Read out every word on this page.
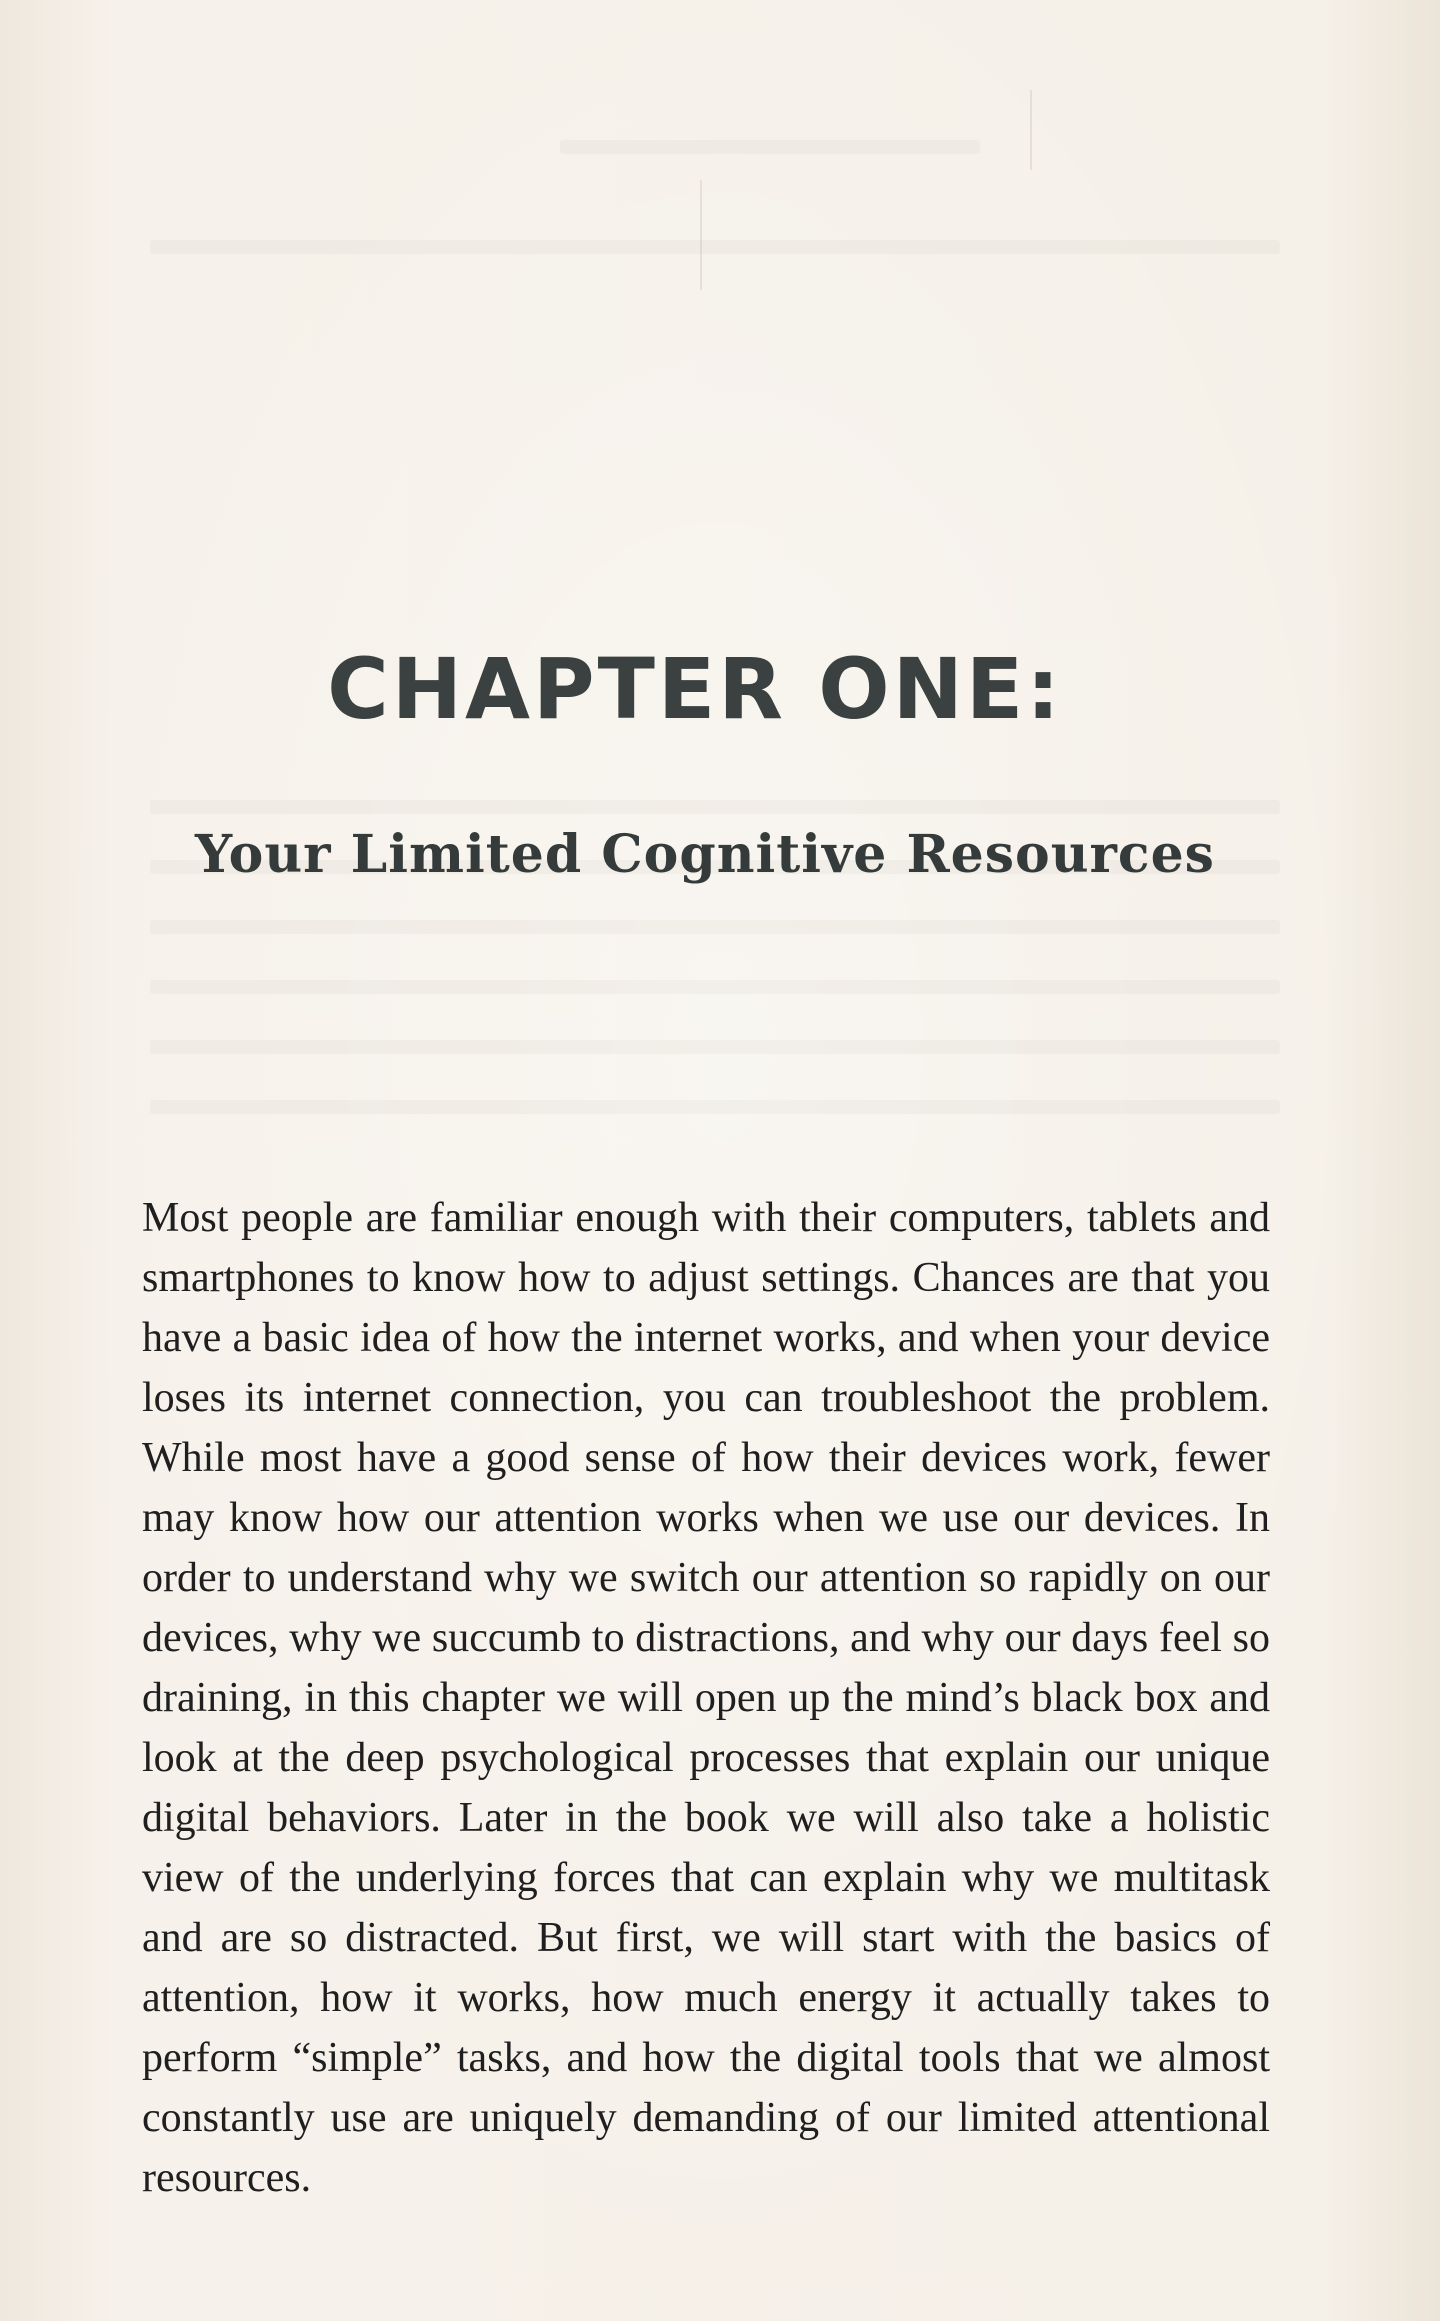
CHAPTER ONE:
Your Limited Cognitive Resources

Most people are familiar enough with their computers, tablets and smartphones to know how to adjust settings. Chances are that you have a basic idea of how the internet works, and when your device loses its internet connection, you can troubleshoot the problem. While most have a good sense of how their devices work, fewer may know how our attention works when we use our devices. In order to understand why we switch our attention so rapidly on our devices, why we succumb to distractions, and why our days feel so draining, in this chapter we will open up the mind’s black box and look at the deep psychological processes that explain our unique digital behaviors. Later in the book we will also take a holistic view of the underlying forces that can explain why we multitask and are so distracted. But first, we will start with the basics of attention, how it works, how much energy it actually takes to perform “simple” tasks, and how the digital tools that we almost constantly use are uniquely demanding of our limited attentional resources.
